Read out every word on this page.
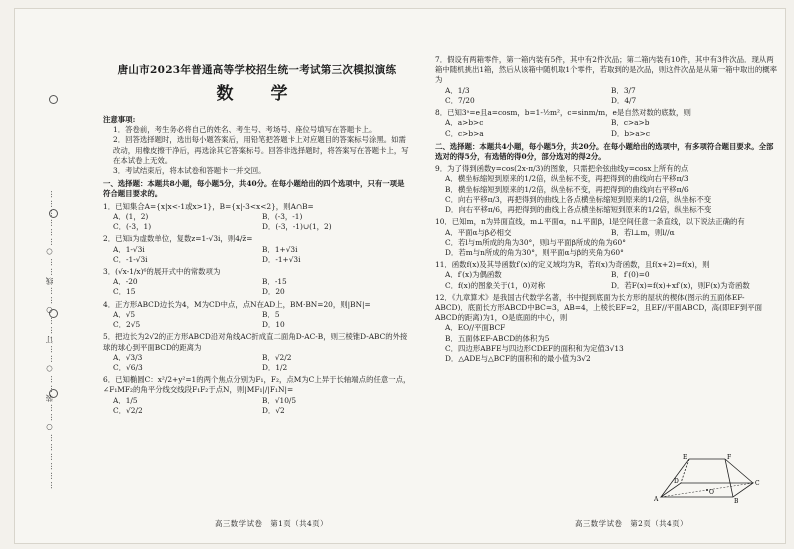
………………○……装……○……订……○……线……○………………
唐山市2023年普通高等学校招生统一考试第三次模拟演练
数　学
注意事项:

1．答卷前，考生务必将自己的姓名、考生号、考场号、座位号填写在答题卡上。

2．回答选择题时，选出每小题答案后，用铅笔把答题卡上对应题目的答案标号涂黑。如需改动，用橡皮擦干净后，再选涂其它答案标号。回答非选择题时，将答案写在答题卡上，写在本试卷上无效。

3．考试结束后，将本试卷和答题卡一并交回。

一、选择题：本题共8小题，每小题5分，共40分。在每小题给出的四个选项中，只有一项是符合题目要求的。
1．已知集合A={x|x<-1或x>1}，B={x|-3<x<2}，则A∩B=
A．(1，2)	B．(-3，-1)
C．(-3，1)	D．(-3，-1)∪(1，2)
2．已知i为虚数单位，复数z=1-√3i，则4/z̄=
A．1-√3i	B．1+√3i
C．-1-√3i	D．-1+√3i
3．(√x-1/x)⁶的展开式中的常数项为
A．-20	B．-15
C．15	D．20
4．正方形ABCD边长为4，M为CD中点，点N在AD上，BM·BN=20，则|BN|=
A．√5	B．5
C．2√5	D．10
5．把边长为2√2的正方形ABCD沿对角线AC折成直二面角D-AC-B，则三棱锥D-ABC的外接球的球心到平面BCD的距离为
A．√3/3	B．√2/2
C．√6/3	D．1/2
6．已知椭圆C：x²/2+y²=1的两个焦点分别为F₁，F₂，点M为C上异于长轴端点的任意一点，∠F₁MF₂的角平分线交线段F₁F₂于点N，则|MF₁|/|F₁N|=
A．1/5	B．√10/5
C．√2/2	D．√2
7．假设有两箱零件，第一箱内装有5件，其中有2件次品；第二箱内装有10件，其中有3件次品．现从两箱中随机挑出1箱，然后从该箱中随机取1个零件，若取到的是次品，则这件次品是从第一箱中取出的概率为
A．1/3	B．3/7
C．7/20	D．4/7
8．已知3ᵃ=e且a=cosm，b=1-½m²，c=sinm/m，e是自然对数的底数，则
A．a>b>c	B．c>a>b
C．c>b>a	D．b>a>c
二、选择题：本题共4小题，每小题5分，共20分。在每小题给出的选项中，有多项符合题目要求。全部选对的得5分，有选错的得0分，部分选对的得2分。
9．为了得到函数y=cos(2x-π/3)的图象，只需把余弦曲线y=cosx上所有的点
A．横坐标缩短到原来的1/2倍，纵坐标不变，再把得到的曲线向右平移π/3
B．横坐标缩短到原来的1/2倍，纵坐标不变，再把得到的曲线向右平移π/6
C．向右平移π/3，再把得到的曲线上各点横坐标缩短到原来的1/2倍，纵坐标不变
D．向右平移π/6，再把得到的曲线上各点横坐标缩短到原来的1/2倍，纵坐标不变
10．已知m，n为异面直线，m⊥平面α，n⊥平面β，l是空间任意一条直线，以下说法正确的有
A．平面α与β必相交	B．若l⊥m，则l//α
C．若l与m所成的角为30°，则l与平面β所成的角为60°
D．若m与n所成的角为30°，则平面α与β的夹角为60°
11．函数f(x)及其导函数f′(x)的定义域均为R，若f(x)为奇函数，且f(x+2)=f(x)，则
A．f′(x)为偶函数	B．f′(0)=0
C．f(x)的图象关于(1，0)对称	D．若F(x)=f(x)+xf′(x)，则F(x)为奇函数
12．《九章算术》是我国古代数学名著，书中提到底面为长方形的屋状的楔体(图示的五面体EF-ABCD)．底面长方形ABCD中BC=3，AB=4，上棱长EF=2，且EF//平面ABCD，高(即EF到平面ABCD的距离)为1，O是底面的中心，则
A．EO//平面BCF
B．五面体EF-ABCD的体积为5
C．四边形ABFE与四边形CDEF的面积和为定值3√13
D．△ADE与△BCF的面积和的最小值为3√2
E	F
A	B
C
D
O
高三数学试卷　第1页（共4页）	高三数学试卷　第2页（共4页）
